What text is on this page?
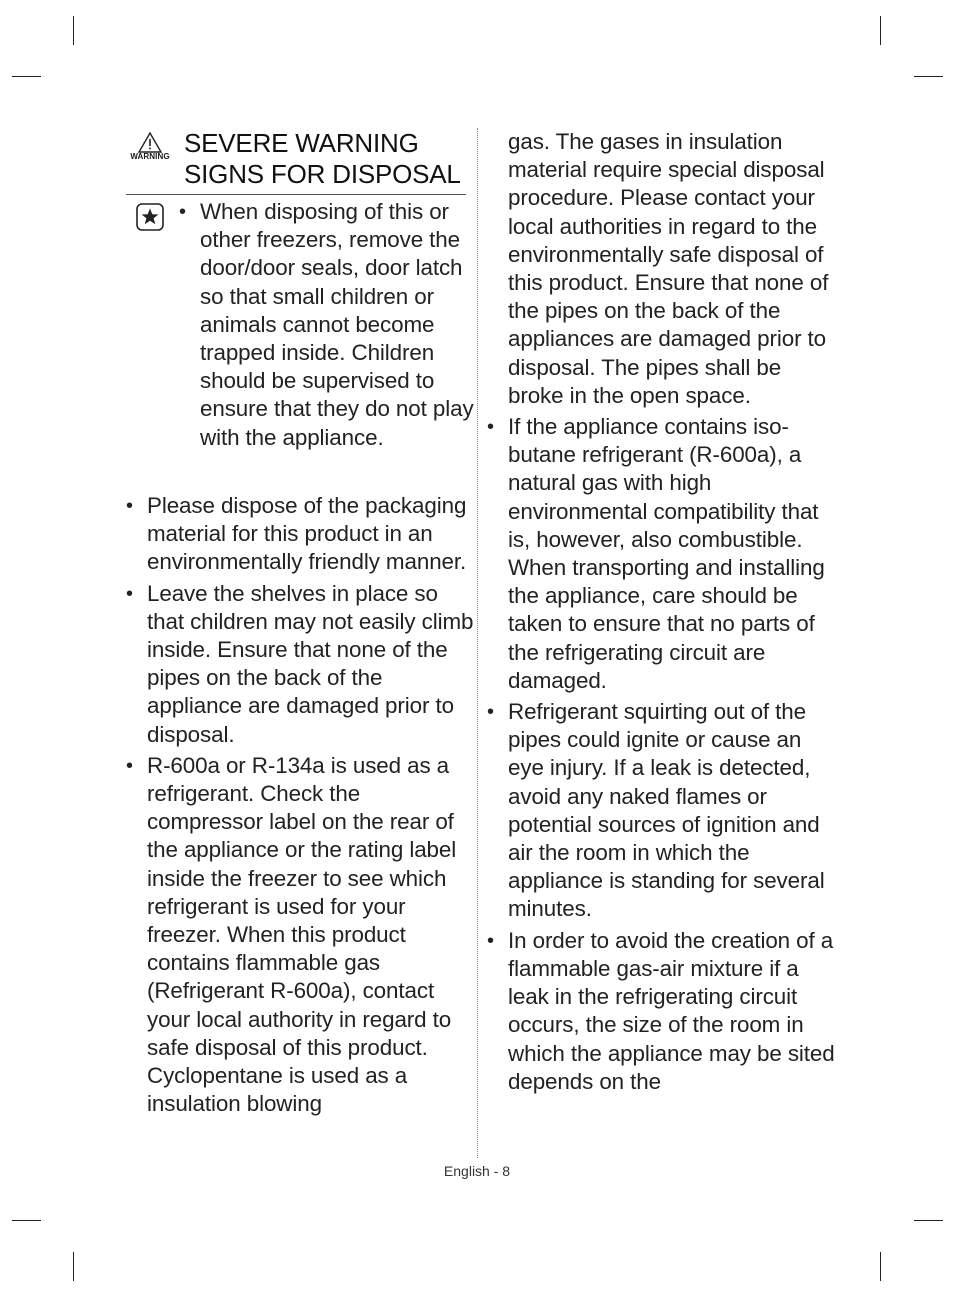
WARNING SEVERE WARNING
SIGNS FOR DISPOSAL
• When disposing of this or other freezers, remove the door/door seals, door latch so that small children or animals cannot become trapped inside. Children should be supervised to ensure that they do not play with the appliance.
• Please dispose of the packaging material for this product in an environmentally friendly manner.
• Leave the shelves in place so that children may not easily climb inside. Ensure that none of the pipes on the back of the appliance are damaged prior to disposal.
• R-600a or R-134a is used as a refrigerant. Check the compressor label on the rear of the appliance or the rating label inside the freezer to see which refrigerant is used for your freezer. When this product contains flammable gas (Refrigerant R-600a), contact your local authority in regard to safe disposal of this product. Cyclopentane is used as a insulation blowing

gas. The gases in insulation material require special disposal procedure. Please contact your local authorities in regard to the environmentally safe disposal of this product. Ensure that none of the pipes on the back of the appliances are damaged prior to disposal. The pipes shall be broke in the open space.

• If the appliance contains iso-butane refrigerant (R-600a), a natural gas with high environmental compatibility that is, however, also combustible. When transporting and installing the appliance, care should be taken to ensure that no parts of the refrigerating circuit are damaged.
• Refrigerant squirting out of the pipes could ignite or cause an eye injury. If a leak is detected, avoid any naked flames or potential sources of ignition and air the room in which the appliance is standing for several minutes.
• In order to avoid the creation of a flammable gas-air mixture if a leak in the refrigerating circuit occurs, the size of the room in which the appliance may be sited depends on the
English - 8
